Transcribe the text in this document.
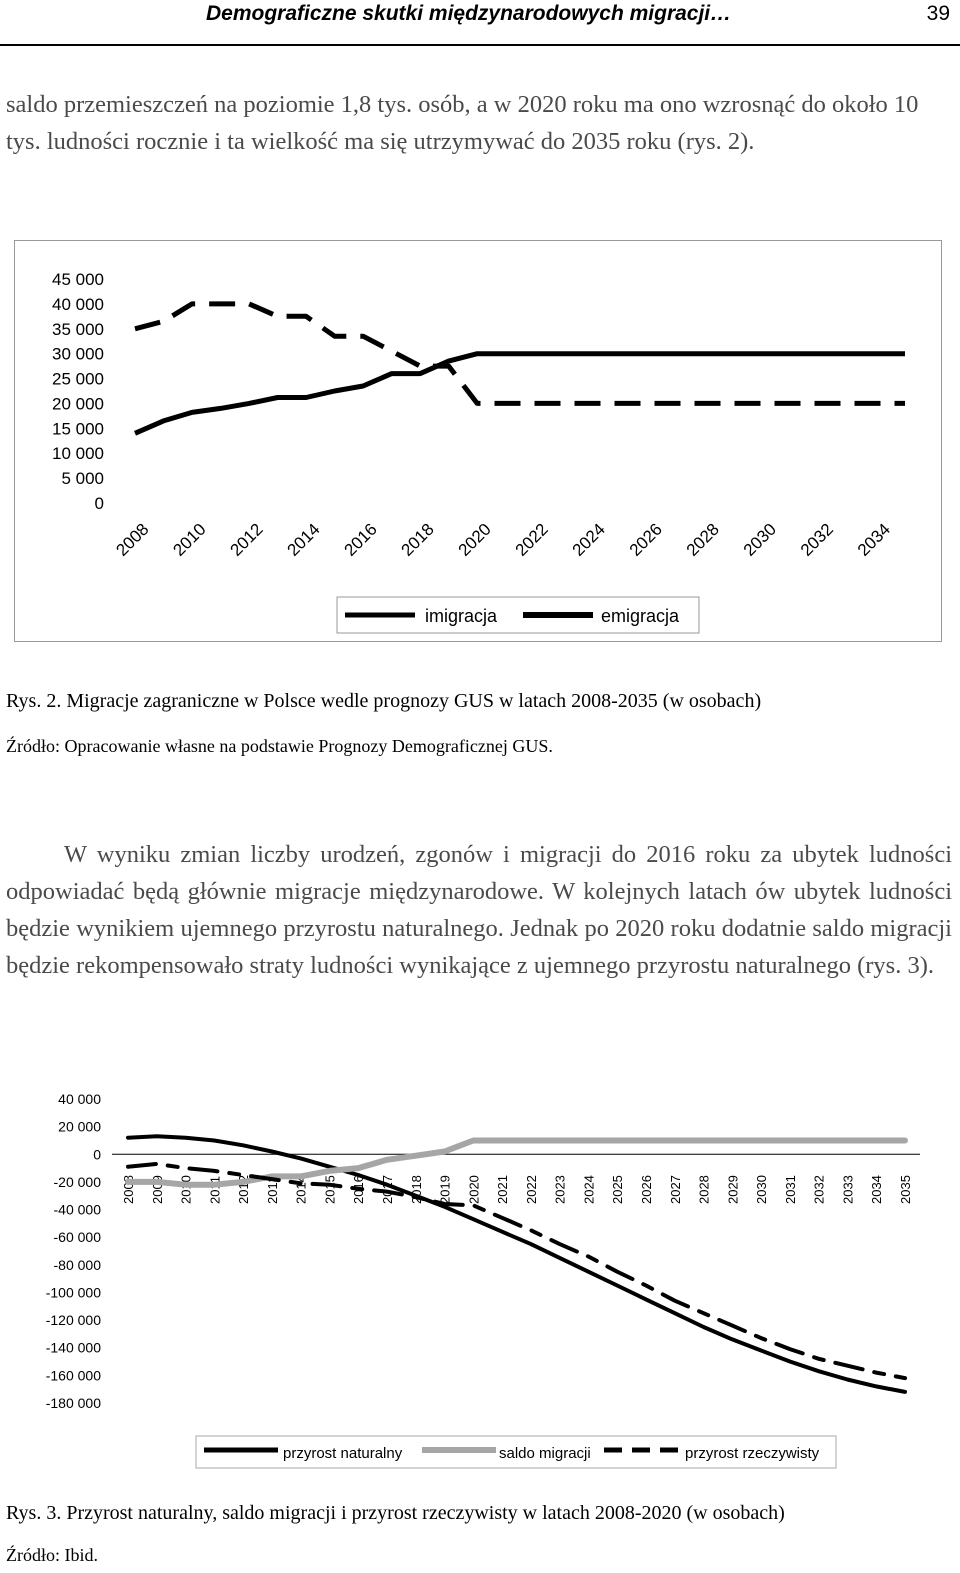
Demograficzne skutki międzynarodowych migracji…	39

saldo przemieszczeń na poziomie 1,8 tys. osób, a w 2020 roku ma ono wzrosnąć do około 10 tys. ludności rocznie i ta wielkość ma się utrzymywać do 2035 roku (rys. 2).

45 000
40 000
35 000
30 000
25 000
20 000
15 000
10 000
5 000
0
2008 2010 2012 2014 2016 2018 2020 2022 2024 2026 2028 2030 2032 2034
imigracja	emigracja
Rys. 2. Migracje zagraniczne w Polsce wedle prognozy GUS w latach 2008-2035 (w osobach)
Źródło: Opracowanie własne na podstawie Prognozy Demograficznej GUS.

W wyniku zmian liczby urodzeń, zgonów i migracji do 2016 roku za ubytek ludności odpowiadać będą głównie migracje międzynarodowe. W kolejnych latach ów ubytek ludności będzie wynikiem ujemnego przyrostu naturalnego. Jednak po 2020 roku dodatnie saldo migracji będzie rekompensowało straty ludności wynikające z ujemnego przyrostu naturalnego (rys. 3).

40 000
20 000
0
-20 000
-40 000
-60 000
-80 000
-100 000
-120 000
-140 000
-160 000
-180 000
2008 2009 2010 2011 2012 2013 2014 2015 2016 2017 2018 2019 2020 2021 2022 2023 2024 2025 2026 2027 2028 2029 2030 2031 2032 2033 2034 2035
przyrost naturalny	saldo migracji	przyrost rzeczywisty
Rys. 3. Przyrost naturalny, saldo migracji i przyrost rzeczywisty w latach 2008-2020 (w osobach)
Źródło: Ibid.
